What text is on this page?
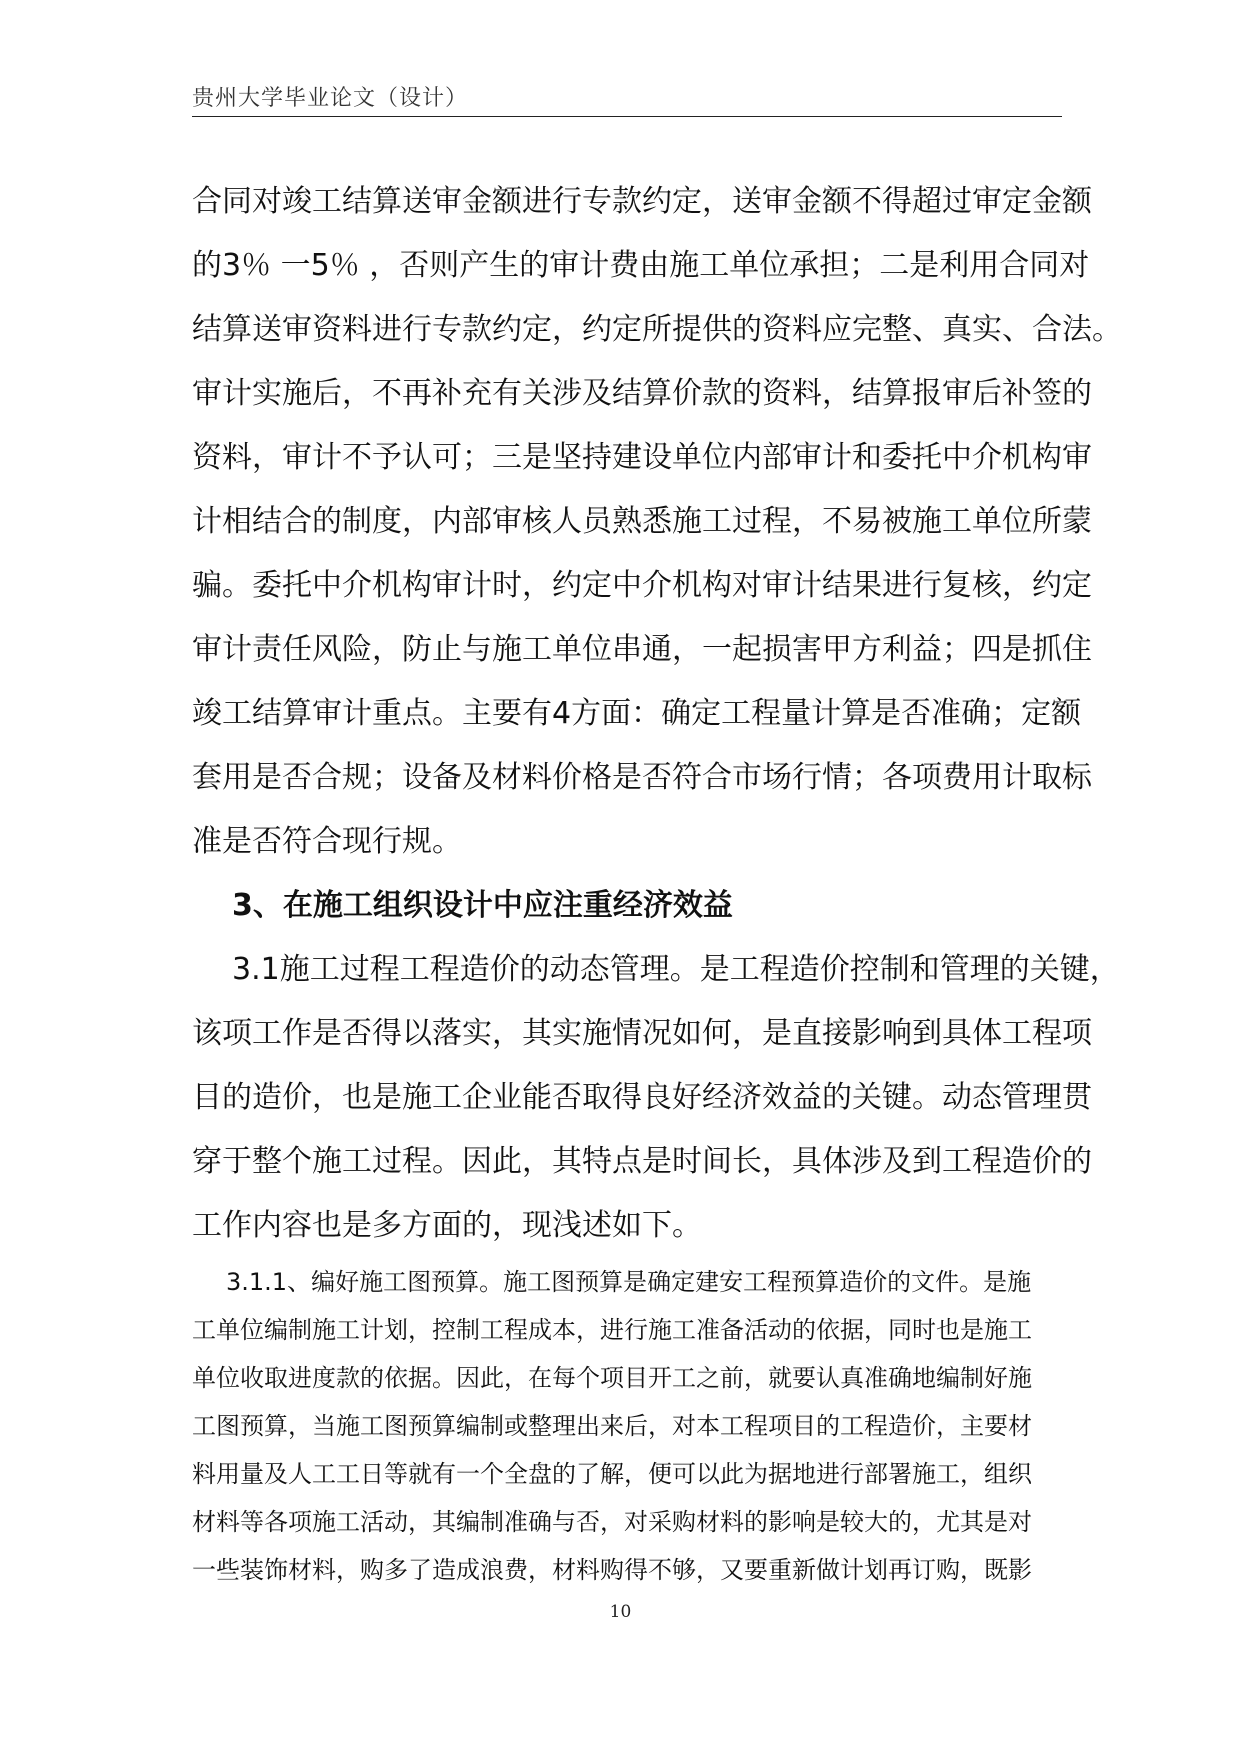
贵州大学毕业论文（设计）

合同对竣工结算送审金额进行专款约定，送审金额不得超过审定金额

的3％ 一5％ ，否则产生的审计费由施工单位承担；二是利用合同对

结算送审资料进行专款约定，约定所提供的资料应完整、真实、合法。

审计实施后，不再补充有关涉及结算价款的资料，结算报审后补签的

资料，审计不予认可；三是坚持建设单位内部审计和委托中介机构审

计相结合的制度，内部审核人员熟悉施工过程，不易被施工单位所蒙

骗。委托中介机构审计时，约定中介机构对审计结果进行复核，约定

审计责任风险，防止与施工单位串通，一起损害甲方利益；四是抓住

竣工结算审计重点。主要有4方面：确定工程量计算是否准确；定额

套用是否合规；设备及材料价格是否符合市场行情；各项费用计取标

准是否符合现行规。

3、在施工组织设计中应注重经济效益

3.1施工过程工程造价的动态管理。是工程造价控制和管理的关键，

该项工作是否得以落实，其实施情况如何，是直接影响到具体工程项

目的造价，也是施工企业能否取得良好经济效益的关键。动态管理贯

穿于整个施工过程。因此，其特点是时间长，具体涉及到工程造价的

工作内容也是多方面的，现浅述如下。

3.1.1、编好施工图预算。施工图预算是确定建安工程预算造价的文件。是施

工单位编制施工计划，控制工程成本，进行施工准备活动的依据，同时也是施工

单位收取进度款的依据。因此，在每个项目开工之前，就要认真准确地编制好施

工图预算，当施工图预算编制或整理出来后，对本工程项目的工程造价，主要材

料用量及人工工日等就有一个全盘的了解，便可以此为据地进行部署施工，组织

材料等各项施工活动，其编制准确与否，对采购材料的影响是较大的，尤其是对

一些装饰材料，购多了造成浪费，材料购得不够，又要重新做计划再订购，既影

10
